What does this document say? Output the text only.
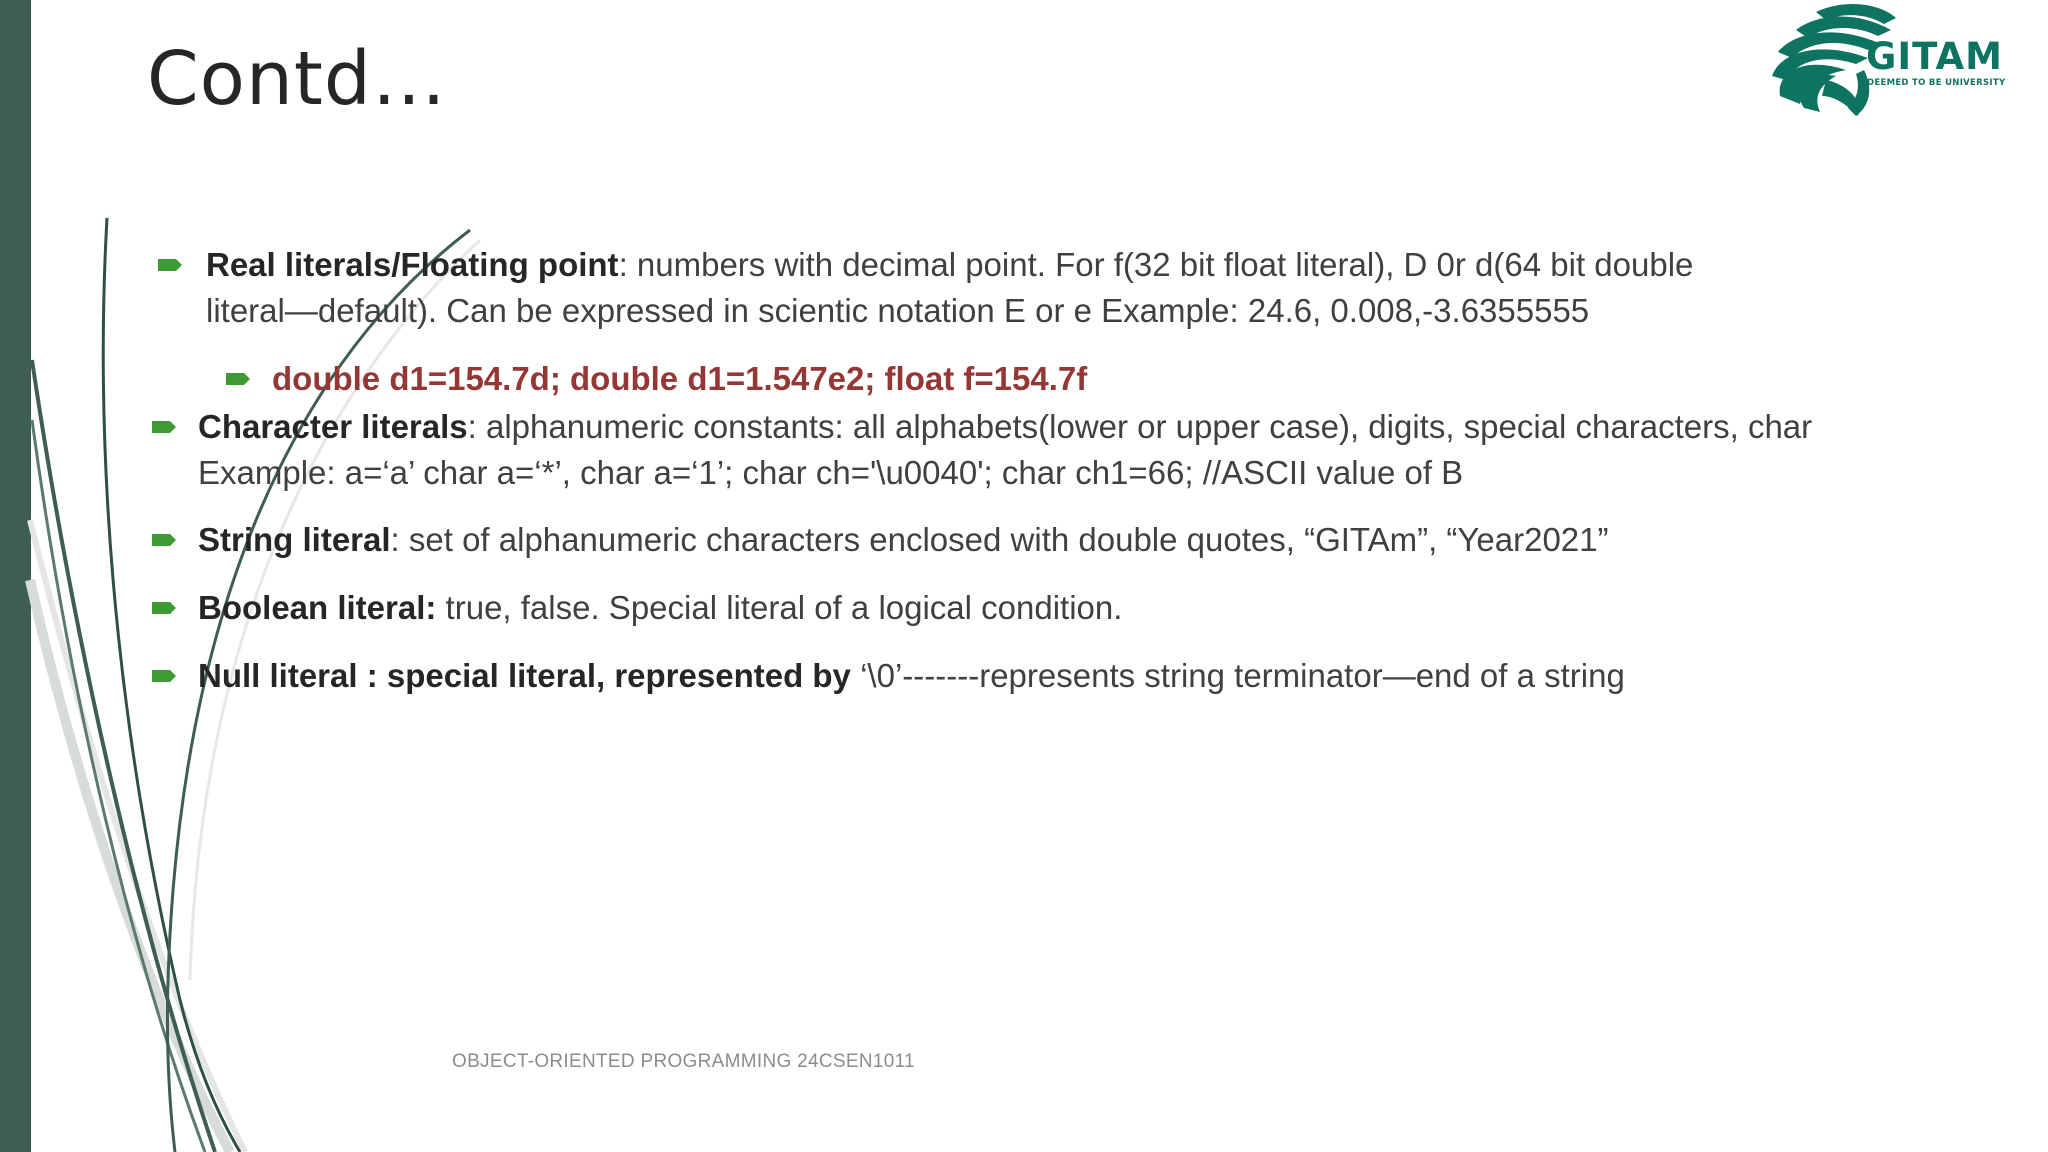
Contd…	GITAM
DEEMED TO BE UNIVERSITY
Real literals/Floating point: numbers with decimal point. For f(32 bit float literal), D 0r d(64 bit double
literal—default). Can be expressed in scientic notation E or e Example: 24.6, 0.008,-3.6355555
double d1=154.7d; double d1=1.547e2; float f=154.7f
Character literals: alphanumeric constants: all alphabets(lower or upper case), digits, special characters, char
Example: a=‘a’ char a=‘*’, char a=‘1’; char ch='\u0040'; char ch1=66; //ASCII value of B
String literal: set of alphanumeric characters enclosed with double quotes, “GITAm”, “Year2021”
Boolean literal: true, false. Special literal of a logical condition.
Null literal : special literal, represented by ‘\0’-------represents string terminator—end of a string
OBJECT-ORIENTED PROGRAMMING 24CSEN1011
